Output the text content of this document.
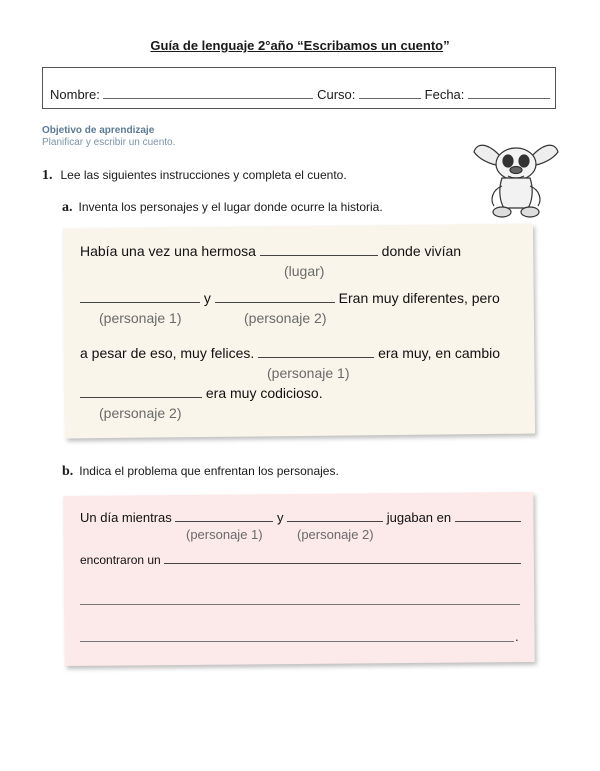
Guía de lenguaje 2°año “Escribamos un cuento”
Nombre:	Curso:	Fecha:
Objetivo de aprendizaje
Planificar y escribir un cuento.
1. Lee las siguientes instrucciones y completa el cuento.
a. Inventa los personajes y el lugar donde ocurre la historia.
Había una vez una hermosa	donde vivían
(lugar)
y	Eran muy diferentes, pero
(personaje 1)	(personaje 2)
a pesar de eso, muy felices.	era muy, en cambio
(personaje 1)
era muy codicioso.
(personaje 2)
b. Indica el problema que enfrentan los personajes.
Un día mientras	y	jugaban en
(personaje 1)	(personaje 2)
encontraron un
.
